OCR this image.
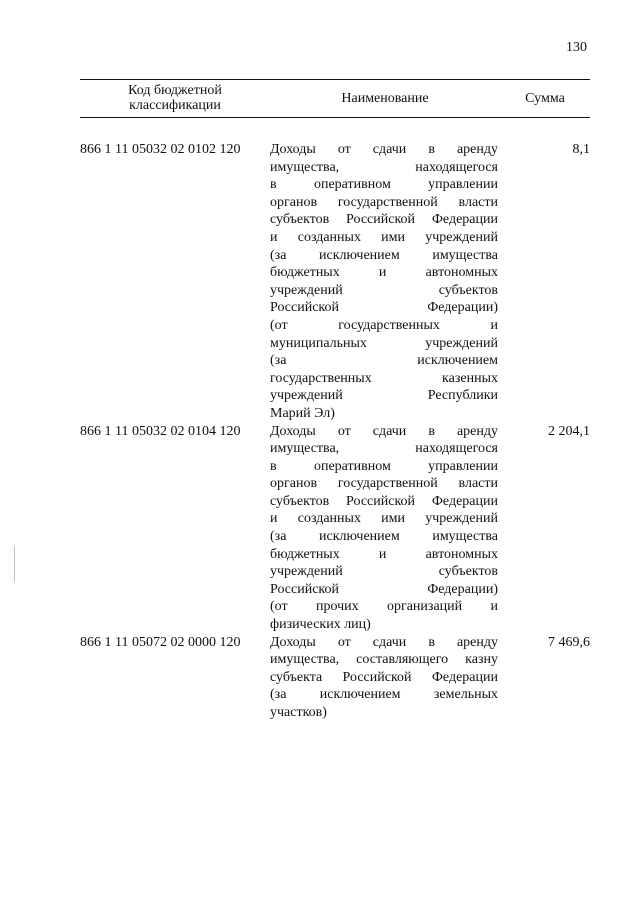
130
Код бюджетной
классификации	Наименование	Сумма
866 1 11 05032 02 0102 120 Доходы от сдачи в аренду
имущества, находящегося
в оперативном управлении
органов государственной власти
субъектов Российской Федерации
и созданных ими учреждений
(за исключением имущества
бюджетных и автономных
учреждений субъектов
Российской Федерации)
(от государственных и
муниципальных учреждений
(за исключением
государственных казенных
учреждений Республики
Марий Эл)
8,1
866 1 11 05032 02 0104 120 Доходы от сдачи в аренду
имущества, находящегося
в оперативном управлении
органов государственной власти
субъектов Российской Федерации
и созданных ими учреждений
(за исключением имущества
бюджетных и автономных
учреждений субъектов
Российской Федерации)
(от прочих организаций и
физических лиц)
2 204,1
866 1 11 05072 02 0000 120 Доходы от сдачи в аренду
имущества, составляющего казну
субъекта Российской Федерации
(за исключением земельных
участков)
7 469,6
